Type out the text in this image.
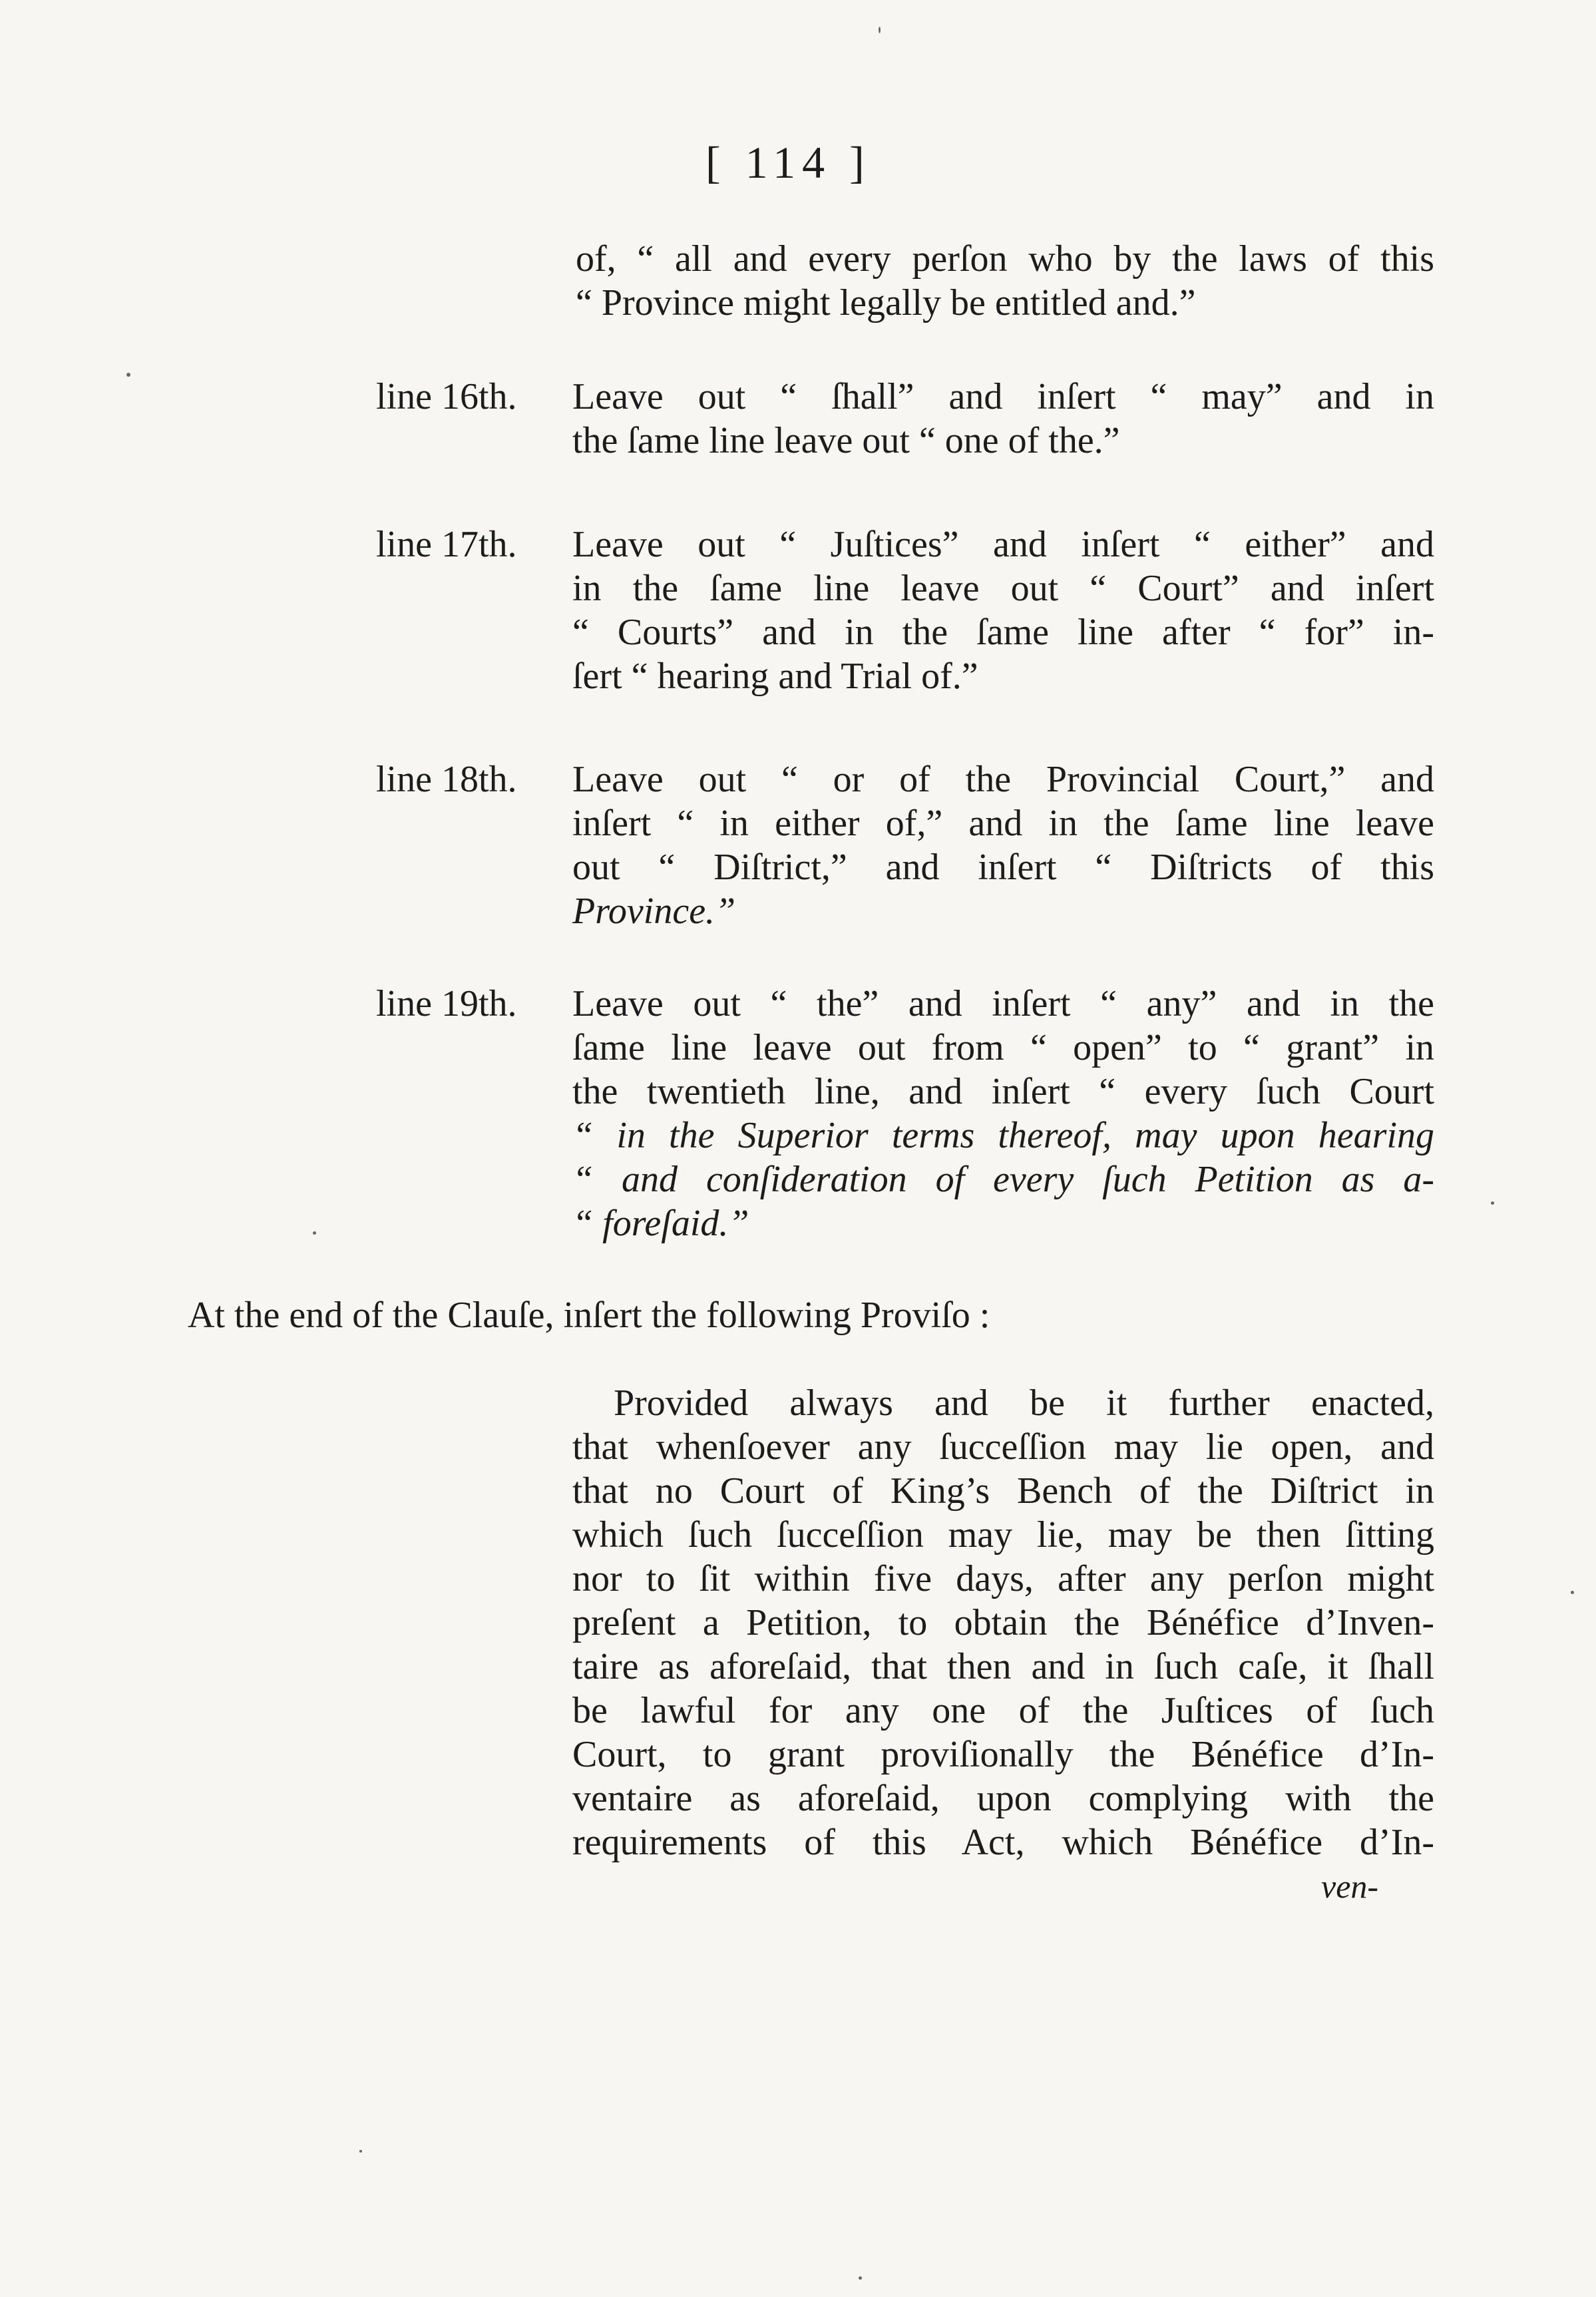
[ 114 ]
of, “ all and every perſon who by the laws of this
“ Province might legally be entitled and.”
line 16th. Leave out “ ſhall” and inſert “ may” and in
the ſame line leave out “ one of the.”
line 17th. Leave out “ Juſtices” and inſert “ either” and
in the ſame line leave out “ Court” and inſert
“ Courts” and in the ſame line after “ for” in-
ſert “ hearing and Trial of.”
line 18th. Leave out “ or of the Provincial Court,” and
inſert “ in either of,” and in the ſame line leave
out “ Diſtrict,” and inſert “ Diſtricts of this
Province.”
line 19th. Leave out “ the” and inſert “ any” and in the
ſame line leave out from “ open” to “ grant” in
the twentieth line, and inſert “ every ſuch Court
“ in the Superior terms thereof, may upon hearing
“ and conſideration of every ſuch Petition as a-
“ foreſaid.”
At the end of the Clauſe, inſert the following Proviſo :
Provided always and be it further enacted,
that whenſoever any ſucceſſion may lie open, and
that no Court of King’s Bench of the Diſtrict in
which ſuch ſucceſſion may lie, may be then ſitting
nor to ſit within five days, after any perſon might
preſent a Petition, to obtain the Bénéfice d’Inven-
taire as aforeſaid, that then and in ſuch caſe, it ſhall
be lawful for any one of the Juſtices of ſuch
Court, to grant proviſionally the Bénéfice d’In-
ventaire as aforeſaid, upon complying with the
requirements of this Act, which Bénéfice d’In-
ven-
